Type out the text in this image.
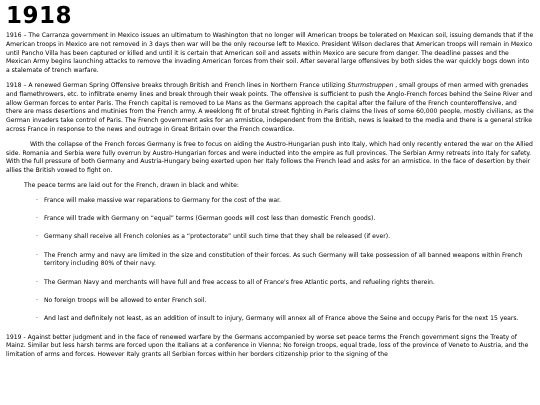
1918

1916 – The Carranza government in Mexico issues an ultimatum to Washington that no longer will American troops be tolerated on Mexican soil, issuing demands that if the American troops in Mexico are not removed in 3 days then war will be the only recourse left to Mexico. President Wilson declares that American troops will remain in Mexico until Pancho Villa has been captured or killed and until it is certain that American soil and assets within Mexico are secure from danger. The deadline passes and the Mexican Army begins launching attacks to remove the invading American forces from their soil. After several large offensives by both sides the war quickly bogs down into a stalemate of trench warfare.

1918 – A renewed German Spring Offensive breaks through British and French lines in Northern France utilizing Sturmstruppen , small groups of men armed with grenades and flamethrowers, etc. to infiltrate enemy lines and break through their weak points. The offensive is sufficient to push the Anglo-French forces behind the Seine River and allow German forces to enter Paris. The French capital is removed to Le Mans as the Germans approach the capital after the failure of the French counteroffensive, and there are mass desertions and mutinies from the French army. A weeklong fit of brutal street fighting in Paris claims the lives of some 60,000 people, mostly civilians, as the German invaders take control of Paris. The French government asks for an armistice, independent from the British, news is leaked to the media and there is a general strike across France in response to the news and outrage in Great Britain over the French cowardice.

With the collapse of the French forces Germany is free to focus on aiding the Austro-Hungarian push into Italy, which had only recently entered the war on the Allied side. Romania and Serbia were fully overrun by Austro-Hungarian forces and were inducted into the empire as full provinces. The Serbian Army retreats into Italy for safety. With the full pressure of both Germany and Austria-Hungary being exerted upon her Italy follows the French lead and asks for an armistice. In the face of desertion by their allies the British vowed to fight on.

The peace terms are laid out for the French, drawn in black and white:

· France will make massive war reparations to Germany for the cost of the war.
· France will trade with Germany on “equal” terms (German goods will cost less than domestic French goods).
· Germany shall receive all French colonies as a “protectorate” until such time that they shall be released (if ever).
· The French army and navy are limited in the size and constitution of their forces. As such Germany will take possession of all banned weapons within French territory including 80% of their navy.
· The German Navy and merchants will have full and free access to all of France's free Atlantic ports, and refueling rights therein.
· No foreign troops will be allowed to enter French soil.
· And last and definitely not least, as an addition of insult to injury, Germany will annex all of France above the Seine and occupy Paris for the next 15 years.

1919 - Against better judgment and in the face of renewed warfare by the Germans accompanied by worse set peace terms the French government signs the Treaty of Mainz. Similar but less harsh terms are forced upon the Italians at a conference in Vienna; No foreign troops, equal trade, loss of the province of Veneto to Austria, and the limitation of arms and forces. However Italy grants all Serbian forces within her borders citizenship prior to the signing of the
